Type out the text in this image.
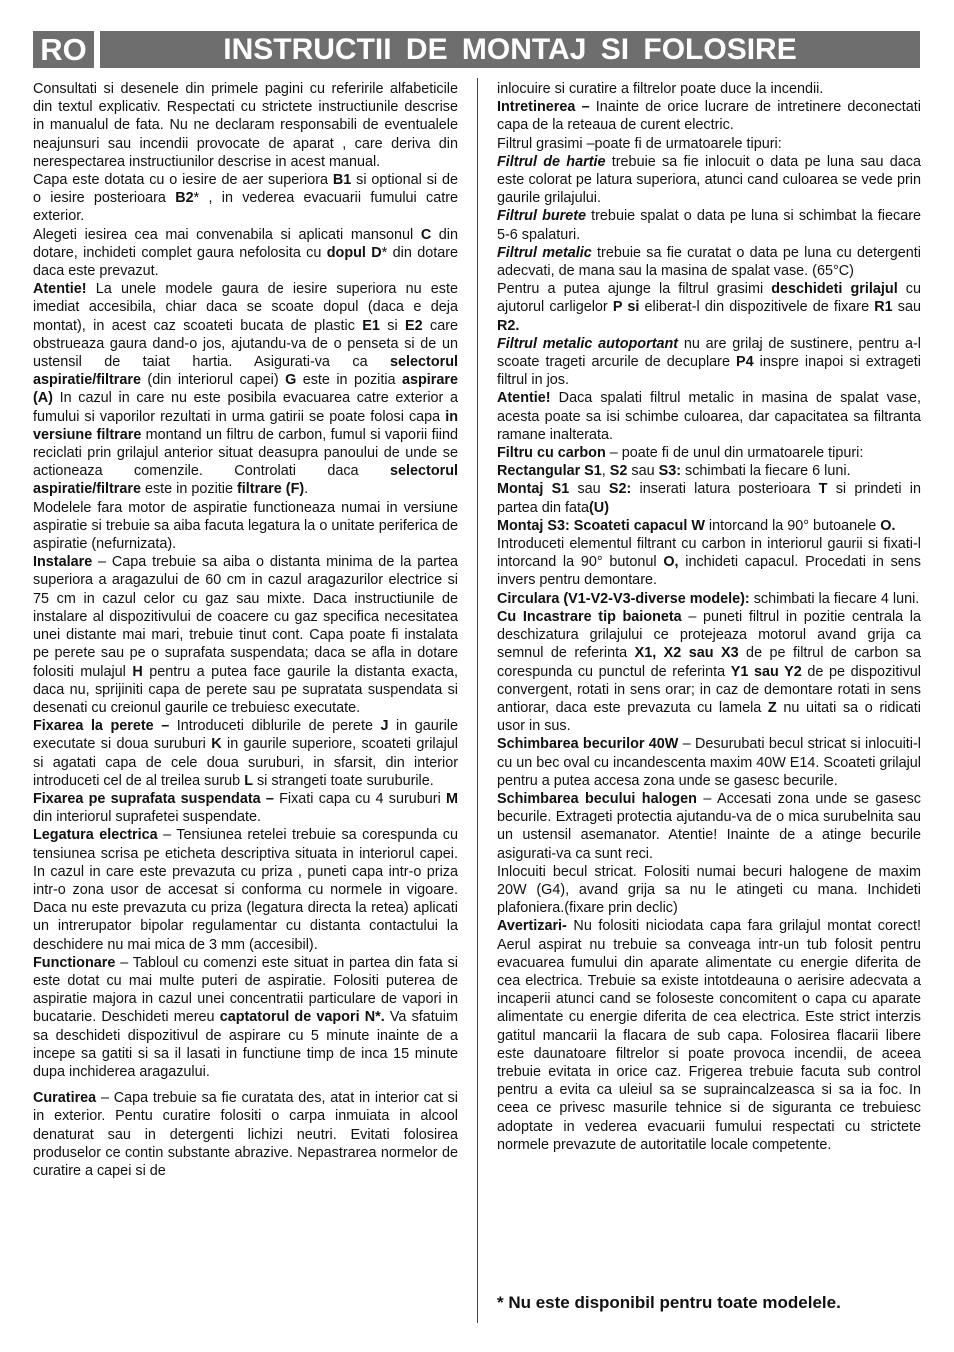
RO	INSTRUCTII DE MONTAJ SI FOLOSIRE

Consultati si desenele din primele pagini cu referirile alfabeticile din textul explicativ. Respectati cu strictete instructiunile descrise in manualul de fata. Nu ne declaram responsabili de eventualele neajunsuri sau incendii provocate de aparat , care deriva din nerespectarea instructiunilor descrise in acest manual.

Capa este dotata cu o iesire de aer superiora B1 si optional si de o iesire posterioara B2* , in vederea evacuarii fumului catre exterior.

Alegeti iesirea cea mai convenabila si aplicati mansonul C din dotare, inchideti complet gaura nefolosita cu dopul D* din dotare daca este prevazut.

Atentie! La unele modele gaura de iesire superiora nu este imediat accesibila, chiar daca se scoate dopul (daca e deja montat), in acest caz scoateti bucata de plastic E1 si E2 care obstrueaza gaura dand-o jos, ajutandu-va de o penseta si de un ustensil de taiat hartia. Asigurati-va ca selectorul aspiratie/filtrare (din interiorul capei) G este in pozitia aspirare (A) In cazul in care nu este posibila evacuarea catre exterior a fumului si vaporilor rezultati in urma gatirii se poate folosi capa in versiune filtrare montand un filtru de carbon, fumul si vaporii fiind reciclati prin grilajul anterior situat deasupra panoului de unde se actioneaza comenzile. Controlati daca selectorul aspiratie/filtrare este in pozitie filtrare (F).

Modelele fara motor de aspiratie functioneaza numai in versiune aspiratie si trebuie sa aiba facuta legatura la o unitate periferica de aspiratie (nefurnizata).

Instalare – Capa trebuie sa aiba o distanta minima de la partea superiora a aragazului de 60 cm in cazul aragazurilor electrice si 75 cm in cazul celor cu gaz sau mixte. Daca instructiunile de instalare al dispozitivului de coacere cu gaz specifica necesitatea unei distante mai mari, trebuie tinut cont. Capa poate fi instalata pe perete sau pe o suprafata suspendata; daca se afla in dotare folositi mulajul H pentru a putea face gaurile la distanta exacta, daca nu, sprijiniti capa de perete sau pe supratata suspendata si desenati cu creionul gaurile ce trebuiesc executate.

Fixarea la perete – Introduceti diblurile de perete J in gaurile executate si doua suruburi K in gaurile superiore, scoateti grilajul si agatati capa de cele doua suruburi, in sfarsit, din interior introduceti cel de al treilea surub L si strangeti toate suruburile.

Fixarea pe suprafata suspendata – Fixati capa cu 4 suruburi M din interiorul suprafetei suspendate.

Legatura electrica – Tensiunea retelei trebuie sa corespunda cu tensiunea scrisa pe eticheta descriptiva situata in interiorul capei. In cazul in care este prevazuta cu priza , puneti capa intr-o priza intr-o zona usor de accesat si conforma cu normele in vigoare. Daca nu este prevazuta cu priza (legatura directa la retea) aplicati un intrerupator bipolar regulamentar cu distanta contactului la deschidere nu mai mica de 3 mm (accesibil).

Functionare – Tabloul cu comenzi este situat in partea din fata si este dotat cu mai multe puteri de aspiratie. Folositi puterea de aspiratie majora in cazul unei concentratii particulare de vapori in bucatarie. Deschideti mereu captatorul de vapori N*. Va sfatuim sa deschideti dispozitivul de aspirare cu 5 minute inainte de a incepe sa gatiti si sa il lasati in functiune timp de inca 15 minute dupa inchiderea aragazului.

Curatirea – Capa trebuie sa fie curatata des, atat in interior cat si in exterior. Pentu curatire folositi o carpa inmuiata in alcool denaturat sau in detergenti lichizi neutri. Evitati folosirea produselor ce contin substante abrazive. Nepastrarea normelor de curatire a capei si de

inlocuire si curatire a filtrelor poate duce la incendii.

Intretinerea – Inainte de orice lucrare de intretinere deconectati capa de la reteaua de curent electric.

Filtrul grasimi –poate fi de urmatoarele tipuri:

Filtrul de hartie trebuie sa fie inlocuit o data pe luna sau daca este colorat pe latura superiora, atunci cand culoarea se vede prin gaurile grilajului.

Filtrul burete trebuie spalat o data pe luna si schimbat la fiecare 5-6 spalaturi.

Filtrul metalic trebuie sa fie curatat o data pe luna cu detergenti adecvati, de mana sau la masina de spalat vase. (65°C)

Pentru a putea ajunge la filtrul grasimi deschideti grilajul cu ajutorul carligelor P si eliberat-l din dispozitivele de fixare R1 sau R2.

Filtrul metalic autoportant nu are grilaj de sustinere, pentru a-l scoate trageti arcurile de decuplare P4 inspre inapoi si extrageti filtrul in jos.

Atentie! Daca spalati filtrul metalic in masina de spalat vase, acesta poate sa isi schimbe culoarea, dar capacitatea sa filtranta ramane inalterata.

Filtru cu carbon – poate fi de unul din urmatoarele tipuri:

Rectangular S1, S2 sau S3: schimbati la fiecare 6 luni.

Montaj S1 sau S2: inserati latura posterioara T si prindeti in partea din fata(U)

Montaj S3: Scoateti capacul W intorcand la 90° butoanele O.

Introduceti elementul filtrant cu carbon in interiorul gaurii si fixati-l intorcand la 90° butonul O, inchideti capacul. Procedati in sens invers pentru demontare.

Circulara (V1-V2-V3-diverse modele): schimbati la fiecare 4 luni.

Cu Incastrare tip baioneta – puneti filtrul in pozitie centrala la deschizatura grilajului ce protejeaza motorul avand grija ca semnul de referinta X1, X2 sau X3 de pe filtrul de carbon sa corespunda cu punctul de referinta Y1 sau Y2 de pe dispozitivul convergent, rotati in sens orar; in caz de demontare rotati in sens antiorar, daca este prevazuta cu lamela Z nu uitati sa o ridicati usor in sus.

Schimbarea becurilor 40W – Desurubati becul stricat si inlocuiti-l cu un bec oval cu incandescenta maxim 40W E14. Scoateti grilajul pentru a putea accesa zona unde se gasesc becurile.

Schimbarea becului halogen – Accesati zona unde se gasesc becurile. Extrageti protectia ajutandu-va de o mica surubelnita sau un ustensil asemanator. Atentie! Inainte de a atinge becurile asigurati-va ca sunt reci.

Inlocuiti becul stricat. Folositi numai becuri halogene de maxim 20W (G4), avand grija sa nu le atingeti cu mana. Inchideti plafoniera.(fixare prin declic)

Avertizari- Nu folositi niciodata capa fara grilajul montat corect! Aerul aspirat nu trebuie sa conveaga intr-un tub folosit pentru evacuarea fumului din aparate alimentate cu energie diferita de cea electrica. Trebuie sa existe intotdeauna o aerisire adecvata a incaperii atunci cand se foloseste concomitent o capa cu aparate alimentate cu energie diferita de cea electrica. Este strict interzis gatitul mancarii la flacara de sub capa. Folosirea flacarii libere este daunatoare filtrelor si poate provoca incendii, de aceea trebuie evitata in orice caz. Frigerea trebuie facuta sub control pentru a evita ca uleiul sa se supraincalzeasca si sa ia foc. In ceea ce privesc masurile tehnice si de siguranta ce trebuiesc adoptate in vederea evacuarii fumului respectati cu strictete normele prevazute de autoritatile locale competente.

* Nu este disponibil pentru toate modelele.
